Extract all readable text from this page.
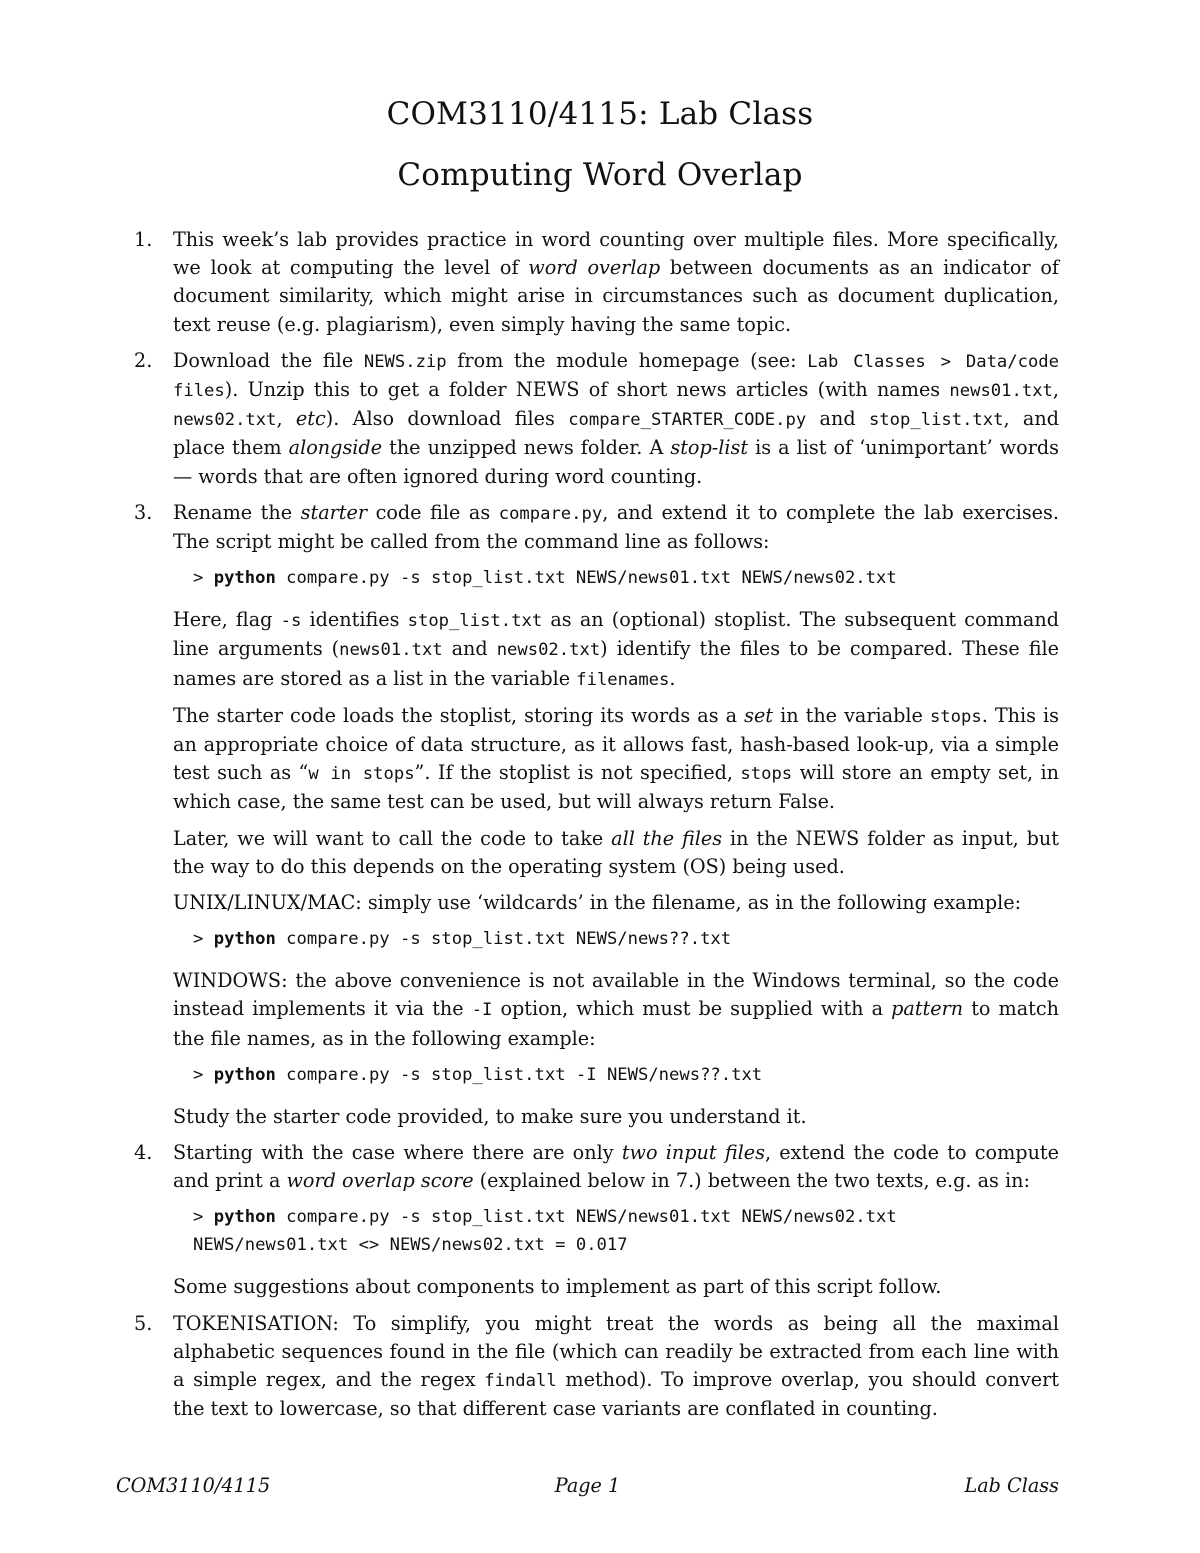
COM3110/4115: Lab Class
Computing Word Overlap
1. This week’s lab provides practice in word counting over multiple files. More specifically, we look at computing the level of word overlap between documents as an indicator of document similarity, which might arise in circumstances such as document duplication, text reuse (e.g. plagiarism), even simply having the same topic.

2. Download the file NEWS.zip from the module homepage (see: Lab Classes > Data/code files). Unzip this to get a folder NEWS of short news articles (with names news01.txt, news02.txt, etc). Also download files compare_STARTER_CODE.py and stop_list.txt, and place them alongside the unzipped news folder. A stop-list is a list of ‘unimportant’ words — words that are often ignored during word counting.

3. Rename the starter code file as compare.py, and extend it to complete the lab exercises. The script might be called from the command line as follows:

> python compare.py -s stop_list.txt NEWS/news01.txt NEWS/news02.txt

Here, flag -s identifies stop_list.txt as an (optional) stoplist. The subsequent command line arguments (news01.txt and news02.txt) identify the files to be compared. These file names are stored as a list in the variable filenames.

The starter code loads the stoplist, storing its words as a set in the variable stops. This is an appropriate choice of data structure, as it allows fast, hash-based look-up, via a simple test such as “w in stops”. If the stoplist is not specified, stops will store an empty set, in which case, the same test can be used, but will always return False.

Later, we will want to call the code to take all the files in the NEWS folder as input, but the way to do this depends on the operating system (OS) being used.

UNIX/LINUX/MAC: simply use ‘wildcards’ in the filename, as in the following example:

> python compare.py -s stop_list.txt NEWS/news??.txt

WINDOWS: the above convenience is not available in the Windows terminal, so the code instead implements it via the -I option, which must be supplied with a pattern to match the file names, as in the following example:

> python compare.py -s stop_list.txt -I NEWS/news??.txt

Study the starter code provided, to make sure you understand it.

4. Starting with the case where there are only two input files, extend the code to compute and print a word overlap score (explained below in 7.) between the two texts, e.g. as in:

> python compare.py -s stop_list.txt NEWS/news01.txt NEWS/news02.txt
NEWS/news01.txt <> NEWS/news02.txt = 0.017

Some suggestions about components to implement as part of this script follow.

5. TOKENISATION: To simplify, you might treat the words as being all the maximal alphabetic sequences found in the file (which can readily be extracted from each line with a simple regex, and the regex findall method). To improve overlap, you should convert the text to lowercase, so that different case variants are conflated in counting.

COM3110/4115	Page 1	Lab Class
